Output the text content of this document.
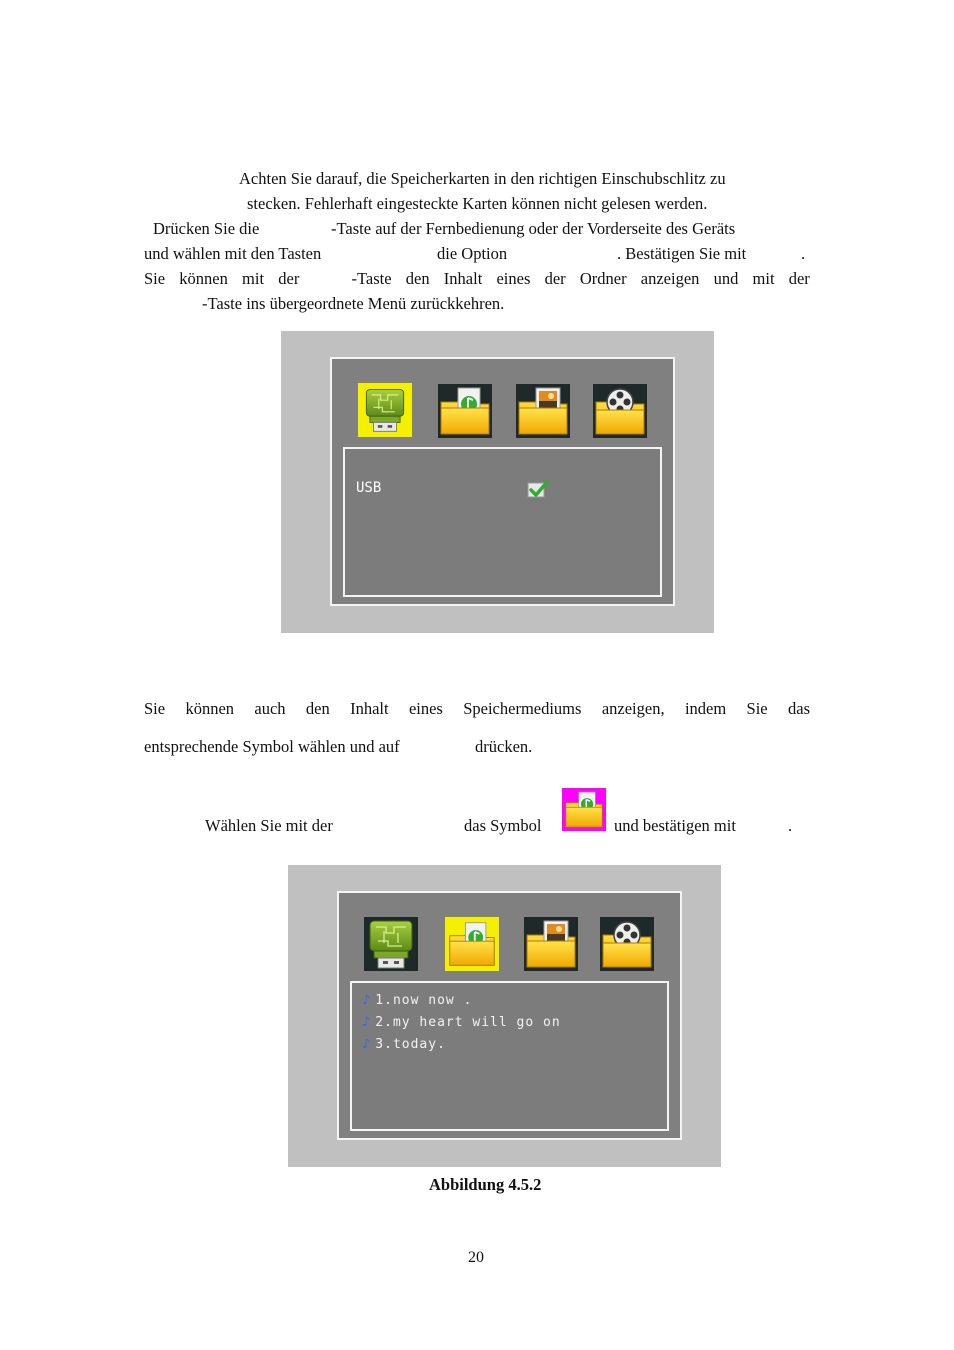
Achten Sie darauf, die Speicherkarten in den richtigen Einschubschlitz zu
stecken. Fehlerhaft eingesteckte Karten können nicht gelesen werden.
Drücken Sie die	-Taste auf der Fernbedienung oder der Vorderseite des Geräts
und wählen mit den Tasten	die Option	. Bestätigen Sie mit	.
Sie können mit der	-Taste den Inhalt eines der Ordner anzeigen und mit der
-Taste ins übergeordnete Menü zurückkehren.
USB
Sie können auch den Inhalt eines Speichermediums anzeigen, indem Sie das
entsprechende Symbol wählen und auf	drücken.
Wählen Sie mit der	das Symbol	und bestätigen mit	.
♪ 1.now now .
♪ 2.my heart will go on
♪ 3.today.
Abbildung 4.5.2
20
